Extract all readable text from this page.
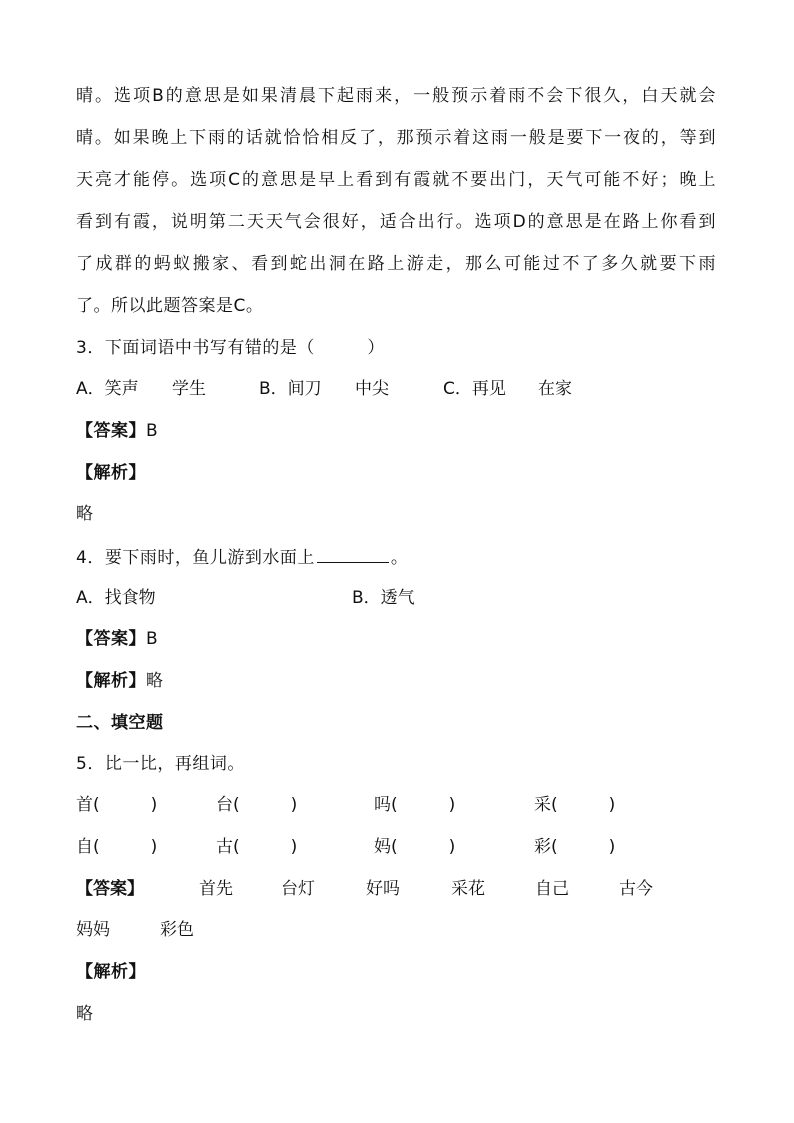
晴。选项B的意思是如果清晨下起雨来，一般预示着雨不会下很久，白天就会
晴。如果晚上下雨的话就恰恰相反了，那预示着这雨一般是要下一夜的，等到
天亮才能停。选项C的意思是早上看到有霞就不要出门，天气可能不好；晚上
看到有霞，说明第二天天气会很好，适合出行。选项D的意思是在路上你看到
了成群的蚂蚁搬家、看到蛇出洞在路上游走，那么可能过不了多久就要下雨
了。所以此题答案是C。
3．下面词语中书写有错的是（　　　）
A．笑声 学生	B．间刀 中尖	C．再见 在家
【答案】B
【解析】
略
4．要下雨时，鱼儿游到水面上	。
A．找食物	B．透气
【答案】B
【解析】略
二、填空题
5．比一比，再组词。
首(　　　)	台(　　　)	吗(　　　)	采(　　　)
自(　　　)	古(　　　)	妈(　　　)	彩(　　　)
【答案】	首先	台灯	好吗	采花	自己	古今
妈妈	彩色
【解析】
略
